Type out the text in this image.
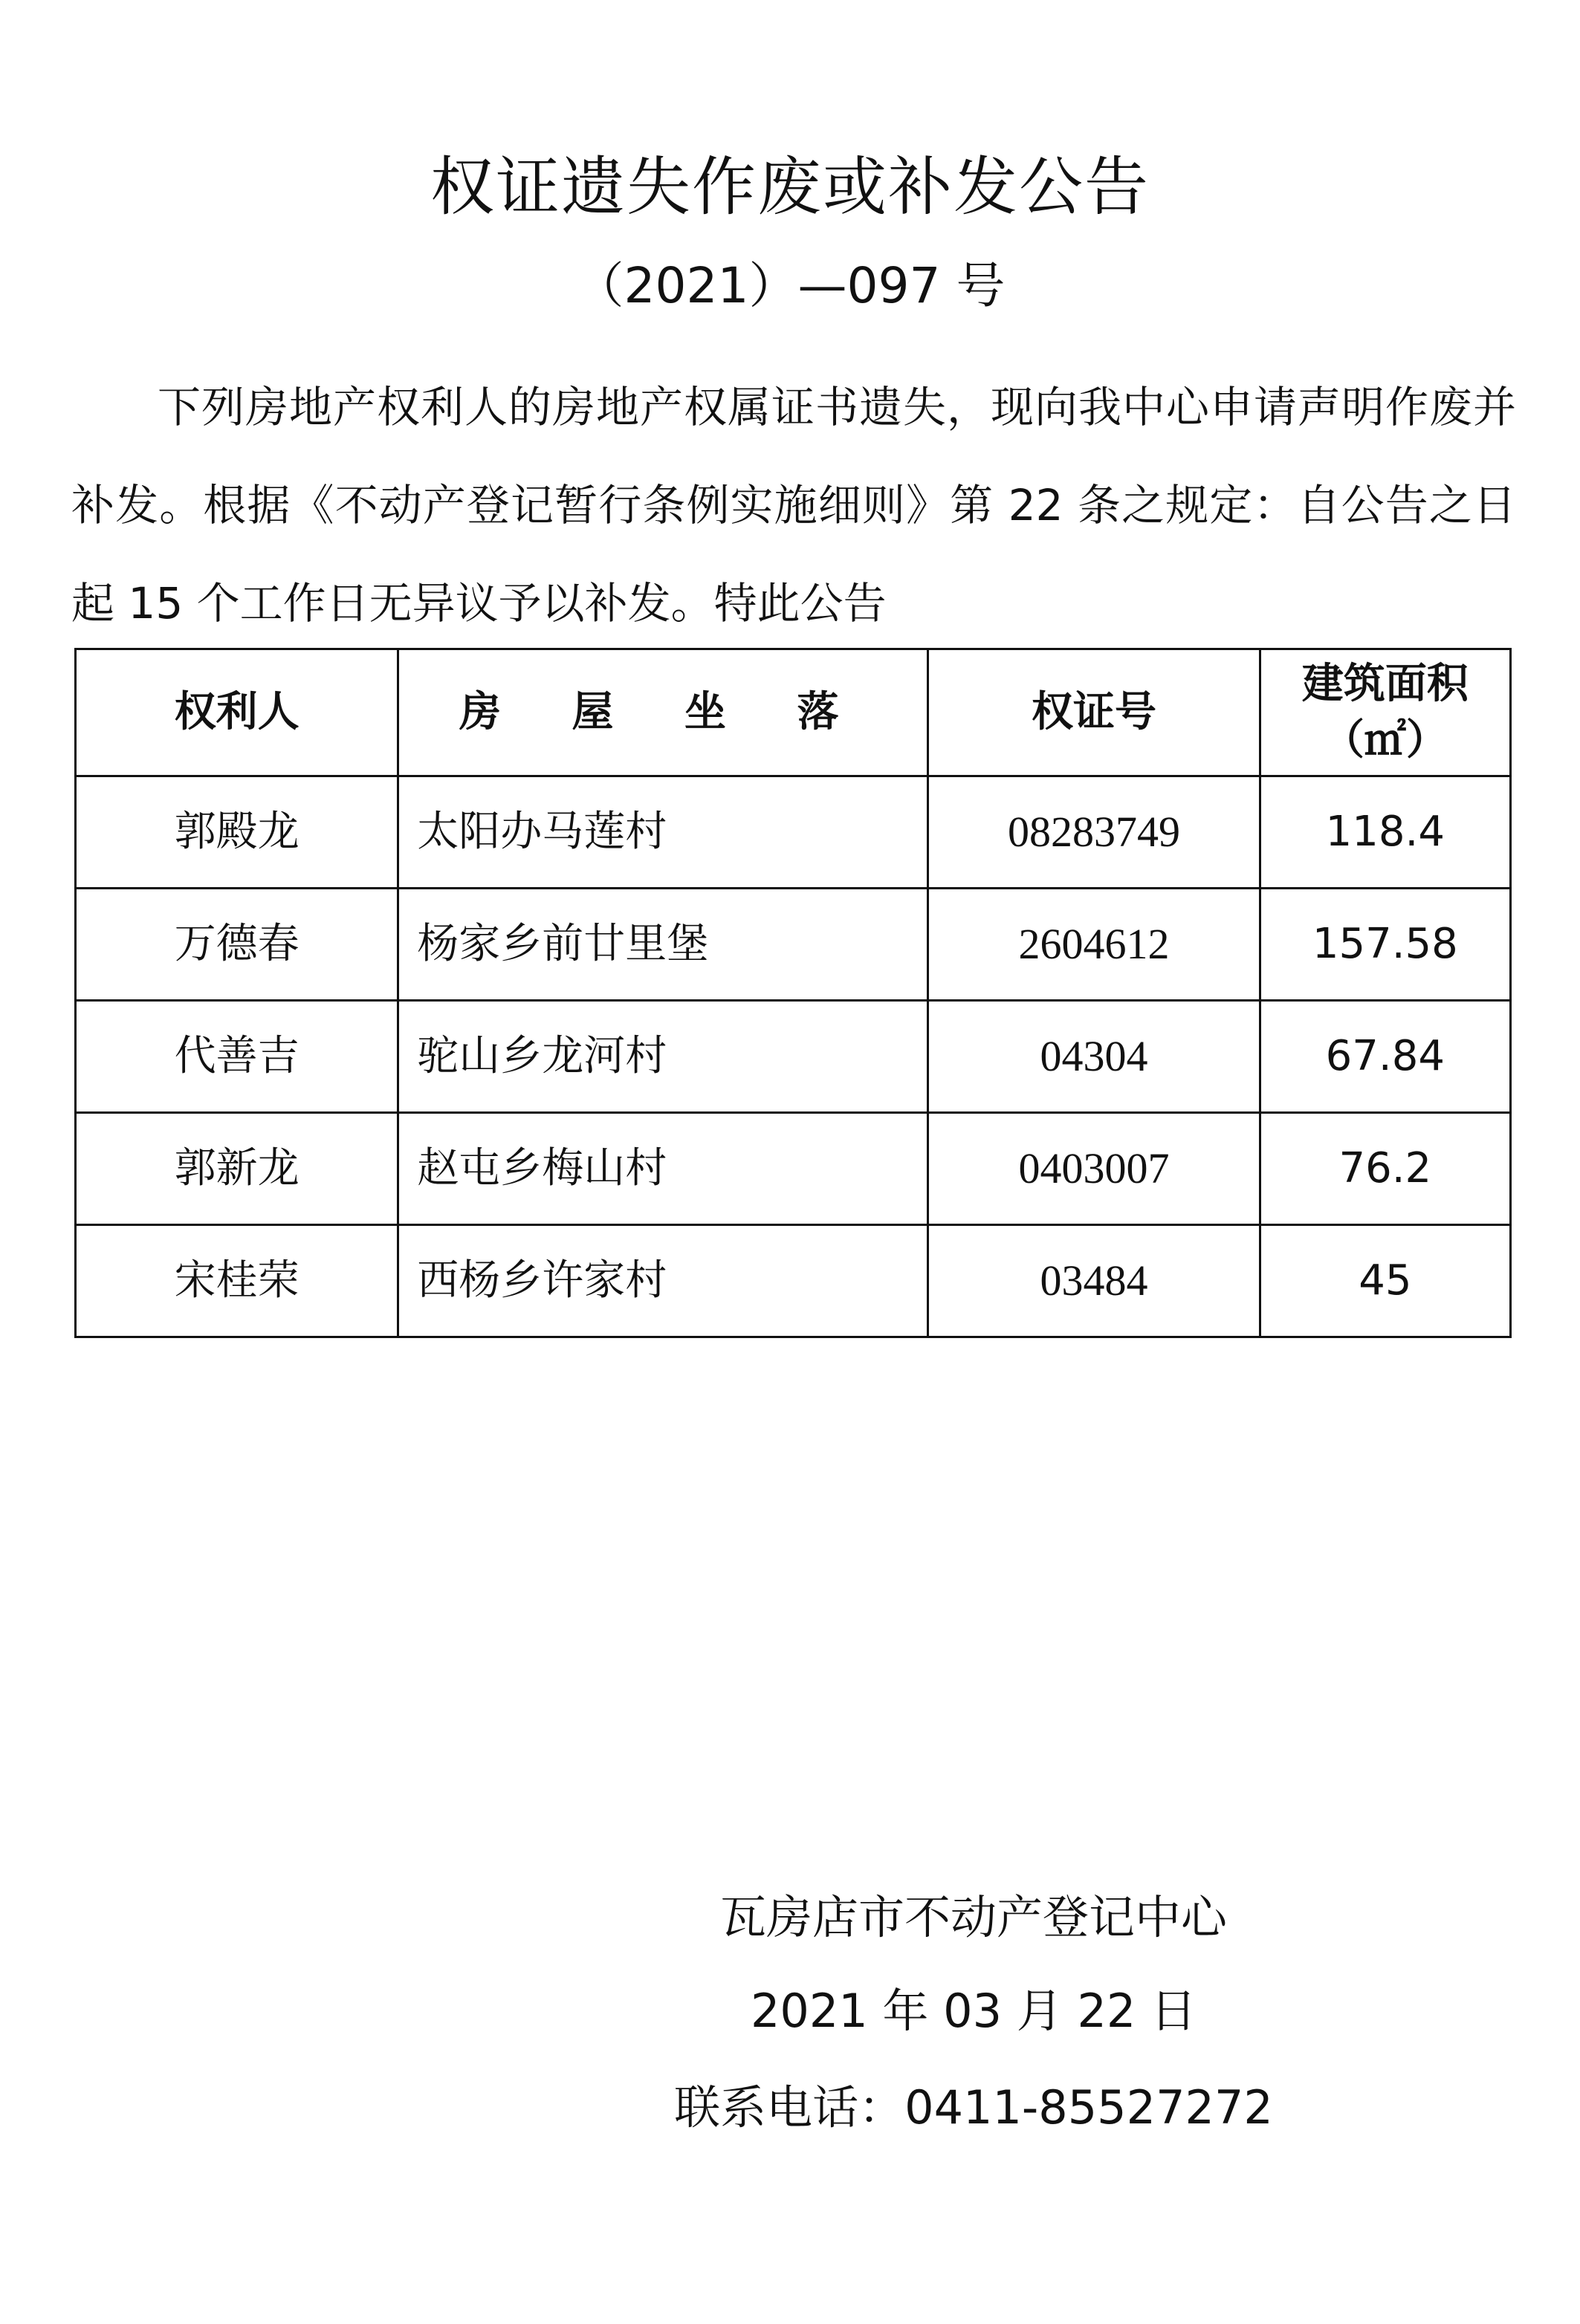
权证遗失作废或补发公告
（2021）—097 号
下列房地产权利人的房地产权属证书遗失，现向我中心申请声明作废并补发。根据《不动产登记暂行条例实施细则》第 22 条之规定：自公告之日起 15 个工作日无异议予以补发。特此公告
权利人	房 屋 坐 落	权证号	建筑面积
（㎡）

郭殿龙	太阳办马莲村	08283749	118.4
万德春	杨家乡前廿里堡	2604612	157.58
代善吉	驼山乡龙河村	04304	67.84
郭新龙	赵屯乡梅山村	0403007	76.2
宋桂荣	西杨乡许家村	03484	45
瓦房店市不动产登记中心
2021 年 03 月 22 日
联系电话：0411-85527272
